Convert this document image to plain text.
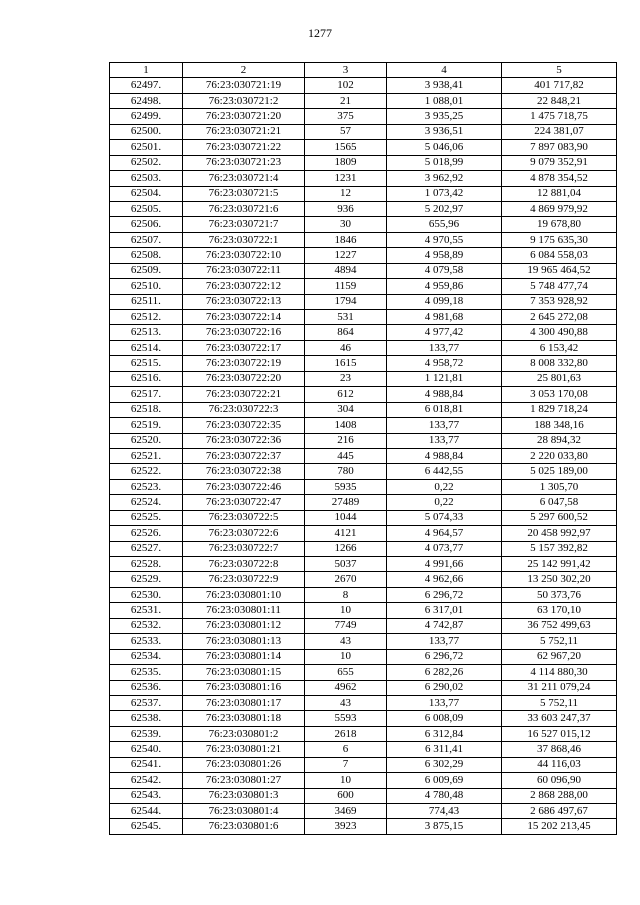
1277
1	2	3	4	5
62497.	76:23:030721:19	102	3 938,41	401 717,82
62498.	76:23:030721:2	21	1 088,01	22 848,21
62499.	76:23:030721:20	375	3 935,25	1 475 718,75
62500.	76:23:030721:21	57	3 936,51	224 381,07
62501.	76:23:030721:22	1565	5 046,06	7 897 083,90
62502.	76:23:030721:23	1809	5 018,99	9 079 352,91
62503.	76:23:030721:4	1231	3 962,92	4 878 354,52
62504.	76:23:030721:5	12	1 073,42	12 881,04
62505.	76:23:030721:6	936	5 202,97	4 869 979,92
62506.	76:23:030721:7	30	655,96	19 678,80
62507.	76:23:030722:1	1846	4 970,55	9 175 635,30
62508.	76:23:030722:10	1227	4 958,89	6 084 558,03
62509.	76:23:030722:11	4894	4 079,58	19 965 464,52
62510.	76:23:030722:12	1159	4 959,86	5 748 477,74
62511.	76:23:030722:13	1794	4 099,18	7 353 928,92
62512.	76:23:030722:14	531	4 981,68	2 645 272,08
62513.	76:23:030722:16	864	4 977,42	4 300 490,88
62514.	76:23:030722:17	46	133,77	6 153,42
62515.	76:23:030722:19	1615	4 958,72	8 008 332,80
62516.	76:23:030722:20	23	1 121,81	25 801,63
62517.	76:23:030722:21	612	4 988,84	3 053 170,08
62518.	76:23:030722:3	304	6 018,81	1 829 718,24
62519.	76:23:030722:35	1408	133,77	188 348,16
62520.	76:23:030722:36	216	133,77	28 894,32
62521.	76:23:030722:37	445	4 988,84	2 220 033,80
62522.	76:23:030722:38	780	6 442,55	5 025 189,00
62523.	76:23:030722:46	5935	0,22	1 305,70
62524.	76:23:030722:47	27489	0,22	6 047,58
62525.	76:23:030722:5	1044	5 074,33	5 297 600,52
62526.	76:23:030722:6	4121	4 964,57	20 458 992,97
62527.	76:23:030722:7	1266	4 073,77	5 157 392,82
62528.	76:23:030722:8	5037	4 991,66	25 142 991,42
62529.	76:23:030722:9	2670	4 962,66	13 250 302,20
62530.	76:23:030801:10	8	6 296,72	50 373,76
62531.	76:23:030801:11	10	6 317,01	63 170,10
62532.	76:23:030801:12	7749	4 742,87	36 752 499,63
62533.	76:23:030801:13	43	133,77	5 752,11
62534.	76:23:030801:14	10	6 296,72	62 967,20
62535.	76:23:030801:15	655	6 282,26	4 114 880,30
62536.	76:23:030801:16	4962	6 290,02	31 211 079,24
62537.	76:23:030801:17	43	133,77	5 752,11
62538.	76:23:030801:18	5593	6 008,09	33 603 247,37
62539.	76:23:030801:2	2618	6 312,84	16 527 015,12
62540.	76:23:030801:21	6	6 311,41	37 868,46
62541.	76:23:030801:26	7	6 302,29	44 116,03
62542.	76:23:030801:27	10	6 009,69	60 096,90
62543.	76:23:030801:3	600	4 780,48	2 868 288,00
62544.	76:23:030801:4	3469	774,43	2 686 497,67
62545.	76:23:030801:6	3923	3 875,15	15 202 213,45
